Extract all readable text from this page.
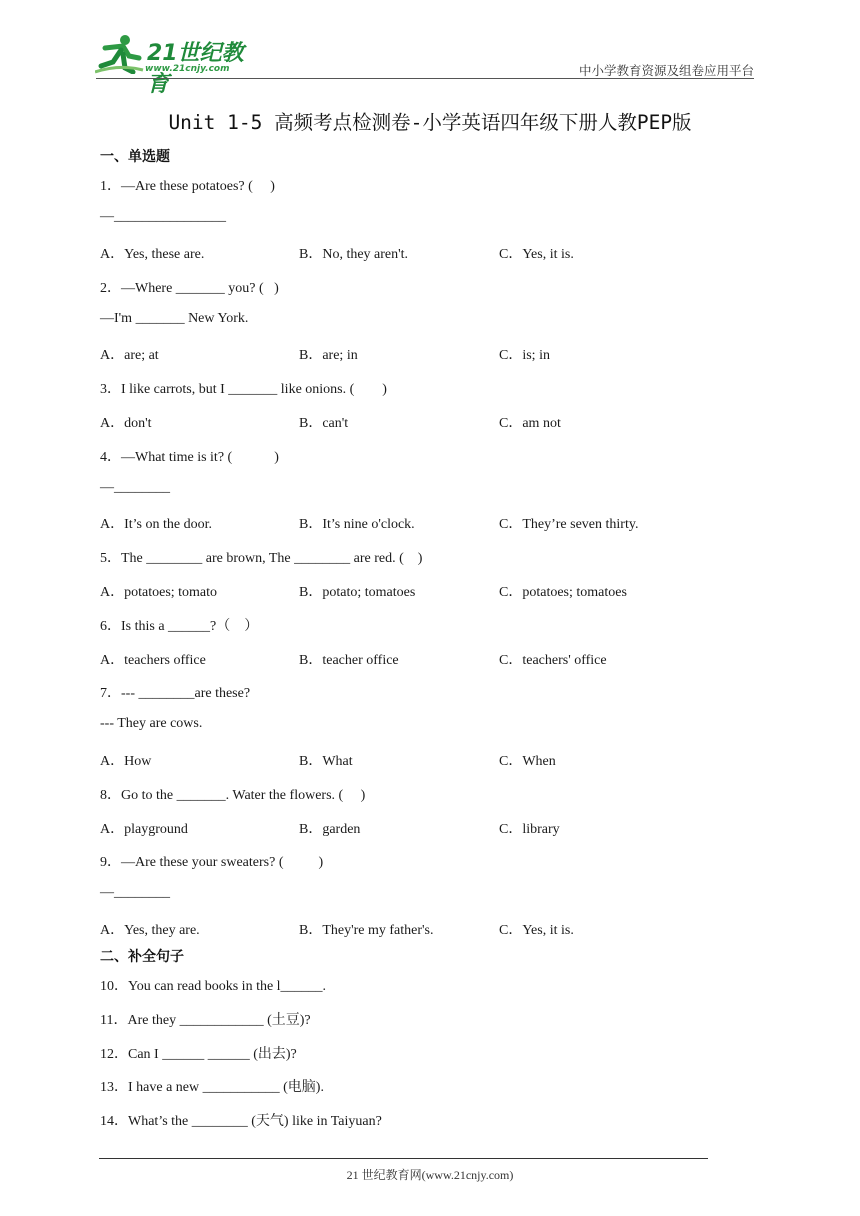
21世纪教育
www.21cnjy.com	中小学教育资源及组卷应用平台
Unit 1-5 高频考点检测卷-小学英语四年级下册人教PEP版
一、单选题
1．—Are these potatoes? (     )
—________________
A．Yes, these are.	B．No, they aren't.	C．Yes, it is.
2．—Where _______ you? (   )
—I'm _______ New York.
A．are; at	B．are; in	C．is; in
3．I like carrots, but I _______ like onions. (        )
A．don't	B．can't	C．am not
4．—What time is it? (            )
—________
A．It’s on the door.	B．It’s nine o'clock.	C．They’re seven thirty.
5．The ________ are brown, The ________ are red. (    )
A．potatoes; tomato	B．potato; tomatoes	C．potatoes; tomatoes
6．Is this a ______?（    ）
A．teachers office	B．teacher office	C．teachers' office
7．--- ________are these?
--- They are cows.
A．How	B．What	C．When
8．Go to the _______. Water the flowers. (     )
A．playground	B．garden	C．library
9．—Are these your sweaters? (          )
—________
A．Yes, they are.	B．They're my father's.	C．Yes, it is.
二、补全句子
10．You can read books in the l______.
11．Are they ____________ (土豆)?
12．Can I ______ ______ (出去)?
13．I have a new ___________ (电脑).
14．What’s the ________ (天气) like in Taiyuan?
21 世纪教育网(www.21cnjy.com)
